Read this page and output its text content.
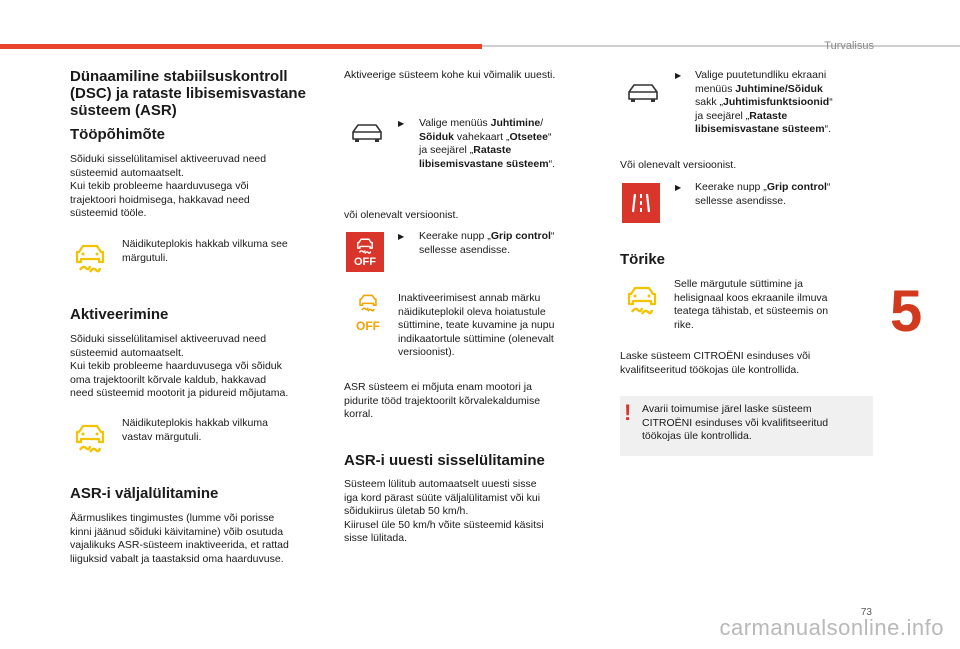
Turvalisus
5
73
carmanualsonline.info
Dünaamiline stabiilsuskontroll
(DSC) ja rataste libisemisvastane
süsteem (ASR)
Tööpõhimõte
Sõiduki sisselülitamisel aktiveeruvad need
süsteemid automaatselt.
Kui tekib probleeme haarduvusega või
trajektoori hoidmisega, hakkavad need
süsteemid tööle.
Näidikuteplokis hakkab vilkuma see
märgutuli.
Aktiveerimine
Sõiduki sisselülitamisel aktiveeruvad need
süsteemid automaatselt.
Kui tekib probleeme haarduvusega või sõiduk
oma trajektoorilt kõrvale kaldub, hakkavad
need süsteemid mootorit ja pidureid mõjutama.
Näidikuteplokis hakkab vilkuma
vastav märgutuli.
ASR-i väljalülitamine
Äärmuslikes tingimustes (lumme või porisse
kinni jäänud sõiduki käivitamine) võib osutuda
vajalikuks ASR-süsteem inaktiveerida, et rattad
liiguksid vabalt ja taastaksid oma haarduvuse.
Aktiveerige süsteem kohe kui võimalik uuesti.
▶ Valige menüüs Juhtimine/
Sõiduk vahekaart „Otsetee“
ja seejärel „Rataste
libisemisvastane süsteem“.
või olenevalt versioonist.
OFF
▶ Keerake nupp „Grip control“
sellesse asendisse.
OFF
Inaktiveerimisest annab märku
näidikuteplokil oleva hoiatustule
süttimine, teate kuvamine ja nupu
indikaatortule süttimine (olenevalt
versioonist).
ASR süsteem ei mõjuta enam mootori ja
pidurite tööd trajektoorilt kõrvalekaldumise
korral.
ASR-i uuesti sisselülitamine
Süsteem lülitub automaatselt uuesti sisse
iga kord pärast süüte väljalülitamist või kui
sõidukiirus ületab 50 km/h.
Kiirusel üle 50 km/h võite süsteemid käsitsi
sisse lülitada.
▶ Valige puutetundliku ekraani
menüüs Juhtimine/Sõiduk
sakk „Juhtimisfunktsioonid“
ja seejärel „Rataste
libisemisvastane süsteem“.
Või olenevalt versioonist.
▶ Keerake nupp „Grip control“
sellesse asendisse.
Törike
Selle märgutule süttimine ja
helisignaal koos ekraanile ilmuva
teatega tähistab, et süsteemis on
rike.
Laske süsteem CITROËNI esinduses või
kvalifitseeritud töökojas üle kontrollida.
! Avarii toimumise järel laske süsteem
CITROËNI esinduses või kvalifitseeritud
töökojas üle kontrollida.
